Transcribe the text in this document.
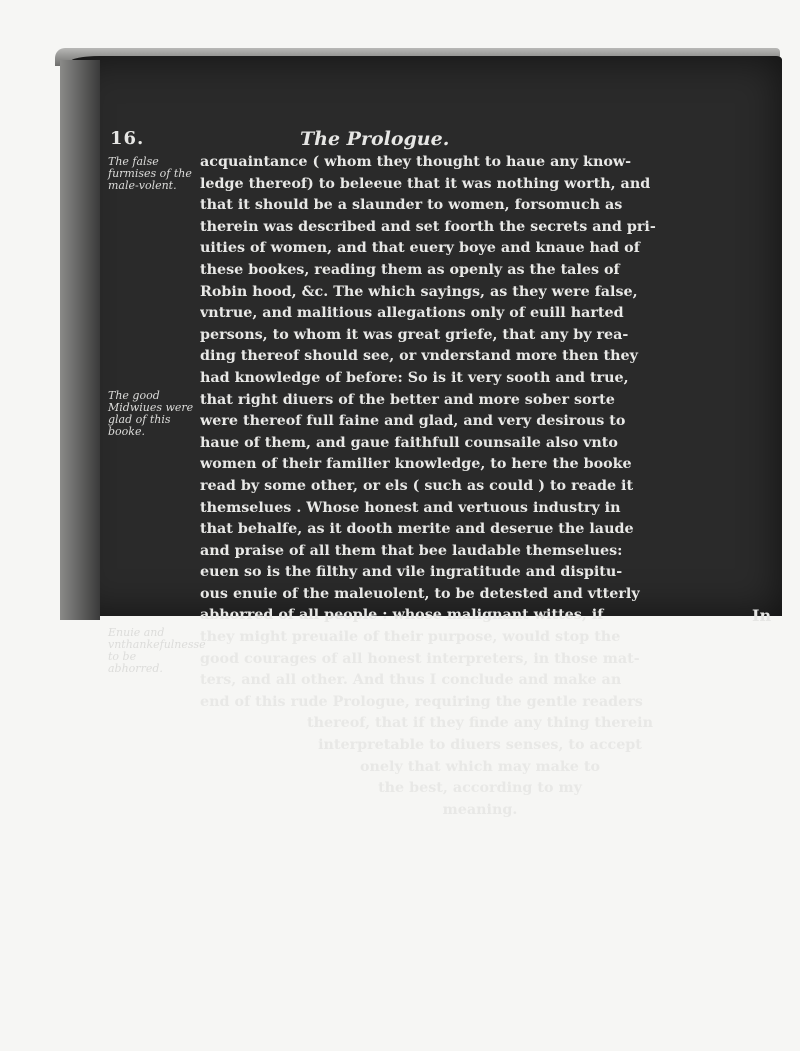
16.	The Prologue.
The false furmises of the male-volent.
The good Midwiues were glad of this booke.
Enuie and vnthankefulnesse to be abhorred.
acquaintance ( whom they thought to haue any know-
ledge thereof) to beleeue that it was nothing worth, and
that it should be a slaunder to women, forsomuch as
therein was described and set foorth the secrets and pri-
uities of women, and that euery boye and knaue had of
these bookes, reading them as openly as the tales of
Robin hood, &c. The which sayings, as they were false,
vntrue, and malitious allegations only of euill harted
persons, to whom it was great griefe, that any by rea-
ding thereof should see, or vnderstand more then they
had knowledge of before: So is it very sooth and true,
that right diuers of the better and more sober sorte
were thereof full faine and glad, and very desirous to
haue of them, and gaue faithfull counsaile also vnto
women of their familier knowledge, to here the booke
read by some other, or els ( such as could ) to reade it
themselues . Whose honest and vertuous industry in
that behalfe, as it dooth merite and deserue the laude
and praise of all them that bee laudable themselues:
euen so is the filthy and vile ingratitude and dispitu-
ous enuie of the maleuolent, to be detested and vtterly
abhorred of all people : whose malignant wittes, if
they might preuaile of their purpose, would stop the
good courages of all honest interpreters, in those mat-
ters, and all other. And thus I conclude and make an
end of this rude Prologue, requiring the gentle readers
thereof, that if they finde any thing therein
interpretable to diuers senses, to accept
onely that which may make to
the best, according to my
meaning.
In
